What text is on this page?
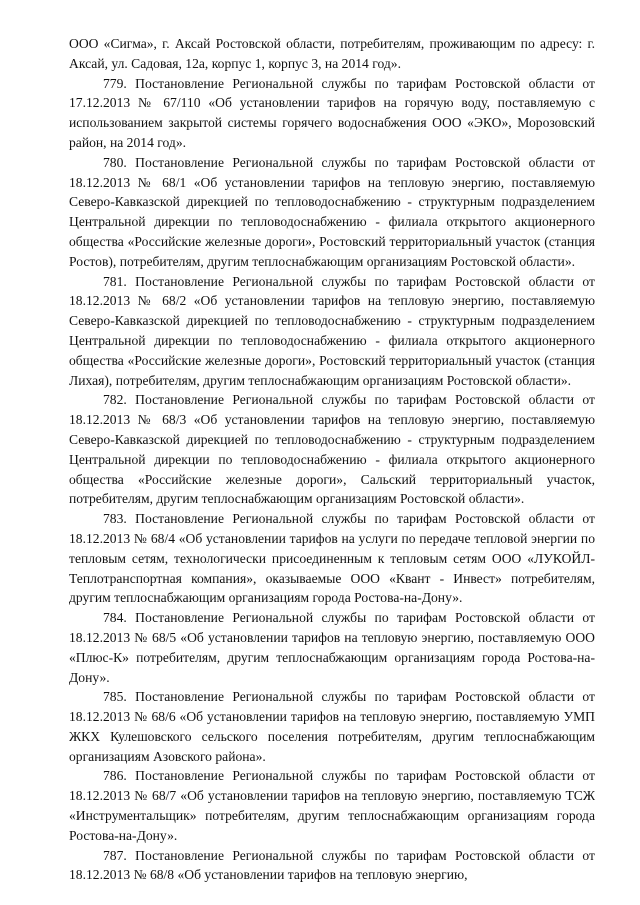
ООО «Сигма», г. Аксай Ростовской области, потребителям, проживающим по адресу: г. Аксай, ул. Садовая, 12а, корпус 1, корпус 3, на 2014 год».

779. Постановление Региональной службы по тарифам Ростовской области от 17.12.2013 № 67/110 «Об установлении тарифов на горячую воду, поставляемую с использованием закрытой системы горячего водоснабжения ООО «ЭКО», Морозовский район, на 2014 год».

780. Постановление Региональной службы по тарифам Ростовской области от 18.12.2013 № 68/1 «Об установлении тарифов на тепловую энергию, поставляемую Северо-Кавказской дирекцией по тепловодоснабжению - структурным подразделением Центральной дирекции по тепловодоснабжению - филиала открытого акционерного общества «Российские железные дороги», Ростовский территориальный участок (станция Ростов), потребителям, другим теплоснабжающим организациям Ростовской области».

781. Постановление Региональной службы по тарифам Ростовской области от 18.12.2013 № 68/2 «Об установлении тарифов на тепловую энергию, поставляемую Северо-Кавказской дирекцией по тепловодоснабжению - структурным подразделением Центральной дирекции по тепловодоснабжению - филиала открытого акционерного общества «Российские железные дороги», Ростовский территориальный участок (станция Лихая), потребителям, другим теплоснабжающим организациям Ростовской области».

782. Постановление Региональной службы по тарифам Ростовской области от 18.12.2013 № 68/3 «Об установлении тарифов на тепловую энергию, поставляемую Северо-Кавказской дирекцией по тепловодоснабжению - структурным подразделением Центральной дирекции по тепловодоснабжению - филиала открытого акционерного общества «Российские железные дороги», Сальский территориальный участок, потребителям, другим теплоснабжающим организациям Ростовской области».

783. Постановление Региональной службы по тарифам Ростовской области от 18.12.2013 № 68/4 «Об установлении тарифов на услуги по передаче тепловой энергии по тепловым сетям, технологически присоединенным к тепловым сетям ООО «ЛУКОЙЛ-Теплотранспортная компания», оказываемые ООО «Квант - Инвест» потребителям, другим теплоснабжающим организациям города Ростова-на-Дону».

784. Постановление Региональной службы по тарифам Ростовской области от 18.12.2013 № 68/5 «Об установлении тарифов на тепловую энергию, поставляемую ООО «Плюс-К» потребителям, другим теплоснабжающим организациям города Ростова-на-Дону».

785. Постановление Региональной службы по тарифам Ростовской области от 18.12.2013 № 68/6 «Об установлении тарифов на тепловую энергию, поставляемую УМП ЖКХ Кулешовского сельского поселения потребителям, другим теплоснабжающим организациям Азовского района».

786. Постановление Региональной службы по тарифам Ростовской области от 18.12.2013 № 68/7 «Об установлении тарифов на тепловую энергию, поставляемую ТСЖ «Инструментальщик» потребителям, другим теплоснабжающим организациям города Ростова-на-Дону».

787. Постановление Региональной службы по тарифам Ростовской области от 18.12.2013 № 68/8 «Об установлении тарифов на тепловую энергию,
